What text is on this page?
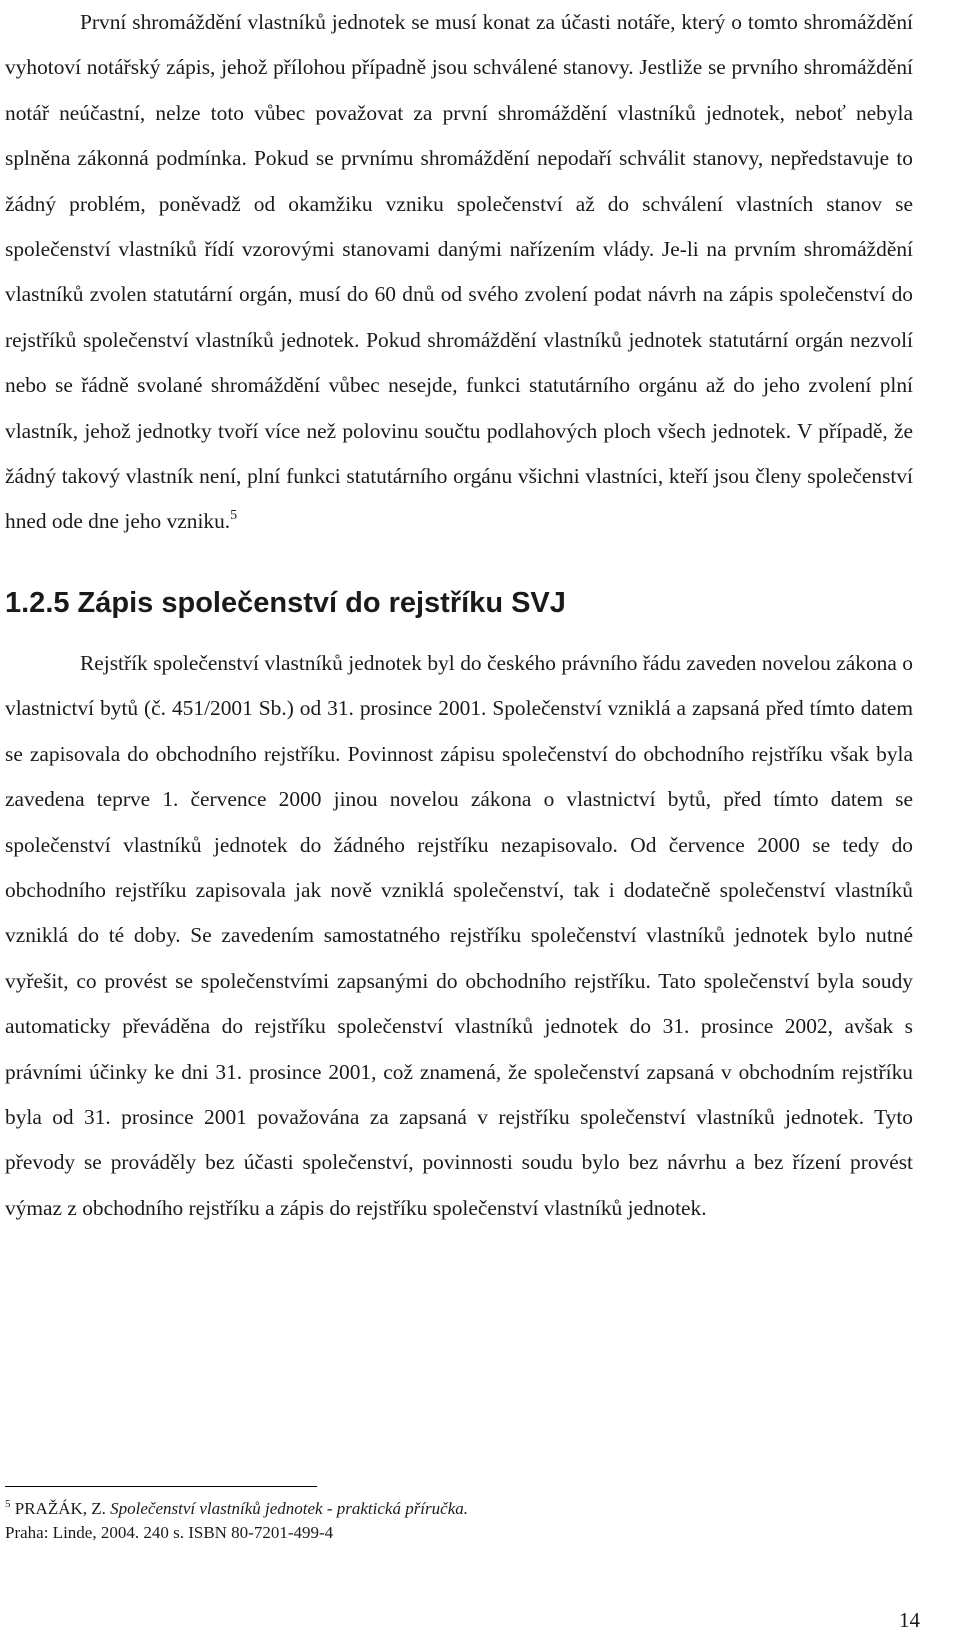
První shromáždění vlastníků jednotek se musí konat za účasti notáře, který o tomto shromáždění vyhotoví notářský zápis, jehož přílohou případně jsou schválené stanovy. Jestliže se prvního shromáždění notář neúčastní, nelze toto vůbec považovat za první shromáždění vlastníků jednotek, neboť nebyla splněna zákonná podmínka. Pokud se prvnímu shromáždění nepodaří schválit stanovy, nepředstavuje to žádný problém, poněvadž od okamžiku vzniku společenství až do schválení vlastních stanov se společenství vlastníků řídí vzorovými stanovami danými nařízením vlády. Je-li na prvním shromáždění vlastníků zvolen statutární orgán, musí do 60 dnů od svého zvolení podat návrh na zápis společenství do rejstříků společenství vlastníků jednotek. Pokud shromáždění vlastníků jednotek statutární orgán nezvolí nebo se řádně svolané shromáždění vůbec nesejde, funkci statutárního orgánu až do jeho zvolení plní vlastník, jehož jednotky tvoří více než polovinu součtu podlahových ploch všech jednotek. V případě, že žádný takový vlastník není, plní funkci statutárního orgánu všichni vlastníci, kteří jsou členy společenství hned ode dne jeho vzniku.$^5$

1.2.5 Zápis společenství do rejstříku SVJ

Rejstřík společenství vlastníků jednotek byl do českého právního řádu zaveden novelou zákona o vlastnictví bytů (č. 451/2001 Sb.) od 31. prosince 2001. Společenství vzniklá a zapsaná před tímto datem se zapisovala do obchodního rejstříku. Povinnost zápisu společenství do obchodního rejstříku však byla zavedena teprve 1. července 2000 jinou novelou zákona o vlastnictví bytů, před tímto datem se společenství vlastníků jednotek do žádného rejstříku nezapisovalo. Od července 2000 se tedy do obchodního rejstříku zapisovala jak nově vzniklá společenství, tak i dodatečně společenství vlastníků vzniklá do té doby. Se zavedením samostatného rejstříku společenství vlastníků jednotek bylo nutné vyřešit, co provést se společenstvími zapsanými do obchodního rejstříku. Tato společenství byla soudy automaticky převáděna do rejstříku společenství vlastníků jednotek do 31. prosince 2002, avšak s právními účinky ke dni 31. prosince 2001, což znamená, že společenství zapsaná v obchodním rejstříku byla od 31. prosince 2001 považována za zapsaná v rejstříku společenství vlastníků jednotek. Tyto převody se prováděly bez účasti společenství, povinnosti soudu bylo bez návrhu a bez řízení provést výmaz z obchodního rejstříku a zápis do rejstříku společenství vlastníků jednotek.

$^5$ PRAŽÁK, Z. Společenství vlastníků jednotek - praktická příručka.
Praha: Linde, 2004. 240 s. ISBN 80-7201-499-4
14
